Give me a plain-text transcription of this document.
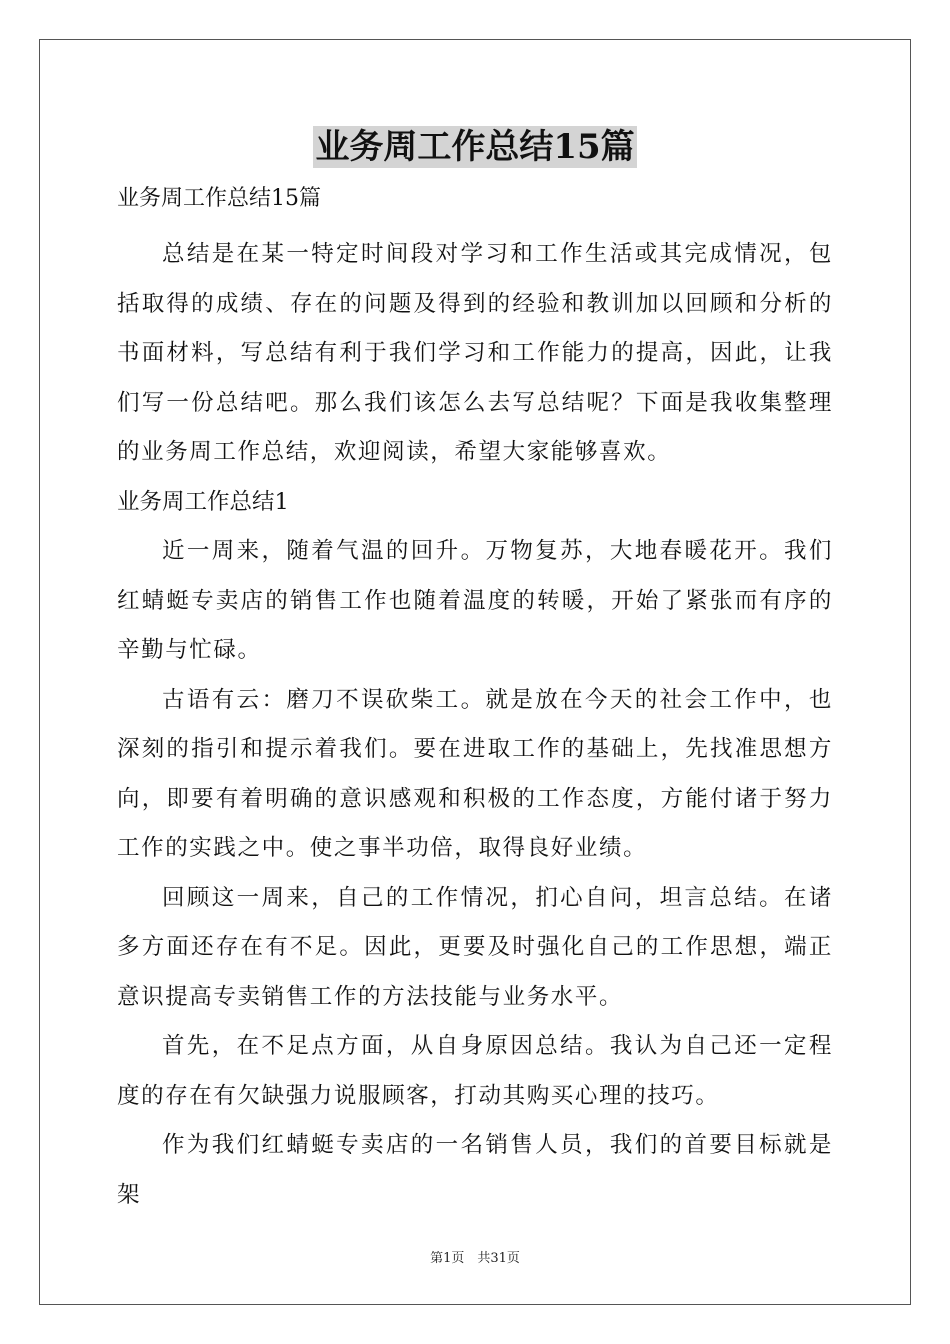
业务周工作总结15篇
业务周工作总结15篇

总结是在某一特定时间段对学习和工作生活或其完成情况，包括取得的成绩、存在的问题及得到的经验和教训加以回顾和分析的书面材料，写总结有利于我们学习和工作能力的提高，因此，让我们写一份总结吧。那么我们该怎么去写总结呢？下面是我收集整理的业务周工作总结，欢迎阅读，希望大家能够喜欢。

业务周工作总结1

近一周来，随着气温的回升。万物复苏，大地春暖花开。我们红蜻蜓专卖店的销售工作也随着温度的转暖，开始了紧张而有序的辛勤与忙碌。

古语有云：磨刀不误砍柴工。就是放在今天的社会工作中，也深刻的指引和提示着我们。要在进取工作的基础上，先找准思想方向，即要有着明确的意识感观和积极的工作态度，方能付诸于努力工作的实践之中。使之事半功倍，取得良好业绩。

回顾这一周来，自己的工作情况，扪心自问，坦言总结。在诸多方面还存在有不足。因此，更要及时强化自己的工作思想，端正意识提高专卖销售工作的方法技能与业务水平。

首先，在不足点方面，从自身原因总结。我认为自己还一定程度的存在有欠缺强力说服顾客，打动其购买心理的技巧。

作为我们红蜻蜓专卖店的一名销售人员，我们的首要目标就是架

第1页　共31页
